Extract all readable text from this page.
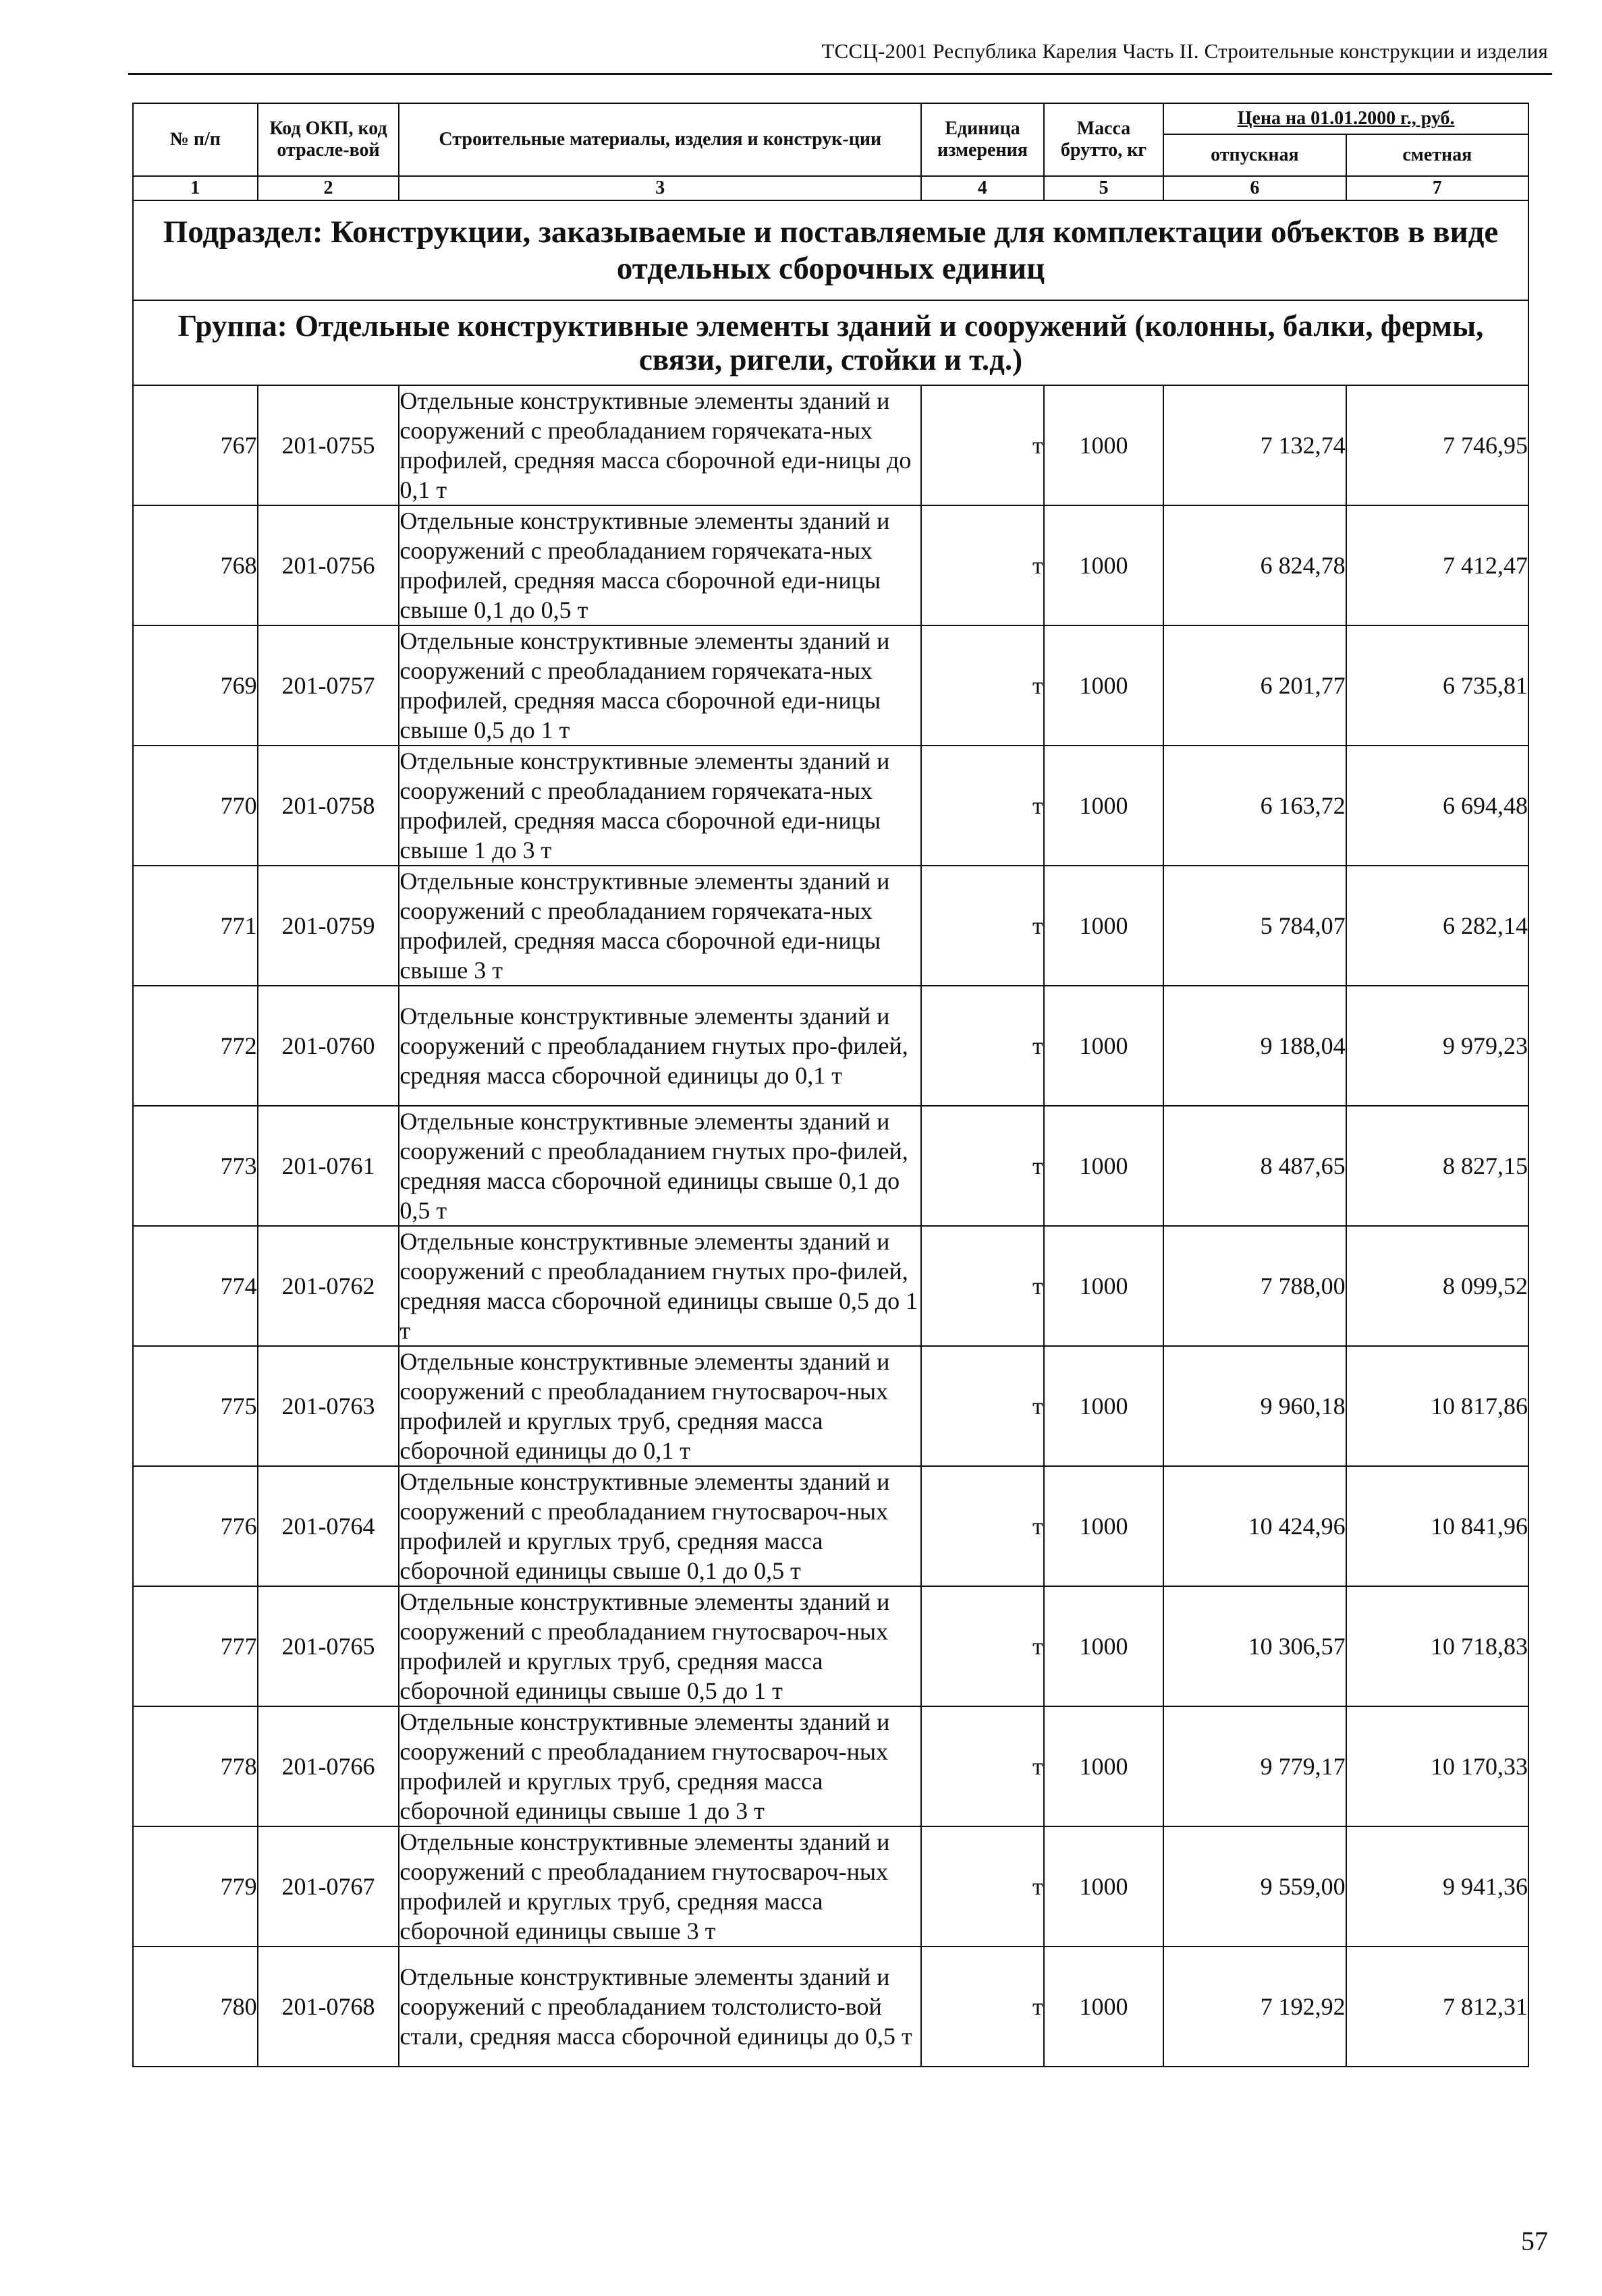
ТССЦ-2001 Республика Карелия Часть II. Строительные конструкции и изделия
№ п/п	Код ОКП, код отрасле-вой	Строительные материалы, изделия и конструк-ции	Единица измерения	Масса брутто, кг	Цена на 01.01.2000 г., руб.	
					отпускная	сметная
1	2	3	4	5	6	7
Подраздел: Конструкции, заказываемые и поставляемые для комплектации объектов в виде отдельных сборочных единиц						
Группа: Отдельные конструктивные элементы зданий и сооружений (колонны, балки, фермы, связи, ригели, стойки и т.д.)						
767	201-0755	Отдельные конструктивные элементы зданий и сооружений с преобладанием горячеката-ных профилей, средняя масса сборочной еди-ницы до 0,1 т	т	1000	7 132,74	7 746,95
768	201-0756	Отдельные конструктивные элементы зданий и сооружений с преобладанием горячеката-ных профилей, средняя масса сборочной еди-ницы свыше 0,1 до 0,5 т	т	1000	6 824,78	7 412,47
769	201-0757	Отдельные конструктивные элементы зданий и сооружений с преобладанием горячеката-ных профилей, средняя масса сборочной еди-ницы свыше 0,5 до 1 т	т	1000	6 201,77	6 735,81
770	201-0758	Отдельные конструктивные элементы зданий и сооружений с преобладанием горячеката-ных профилей, средняя масса сборочной еди-ницы свыше 1 до 3 т	т	1000	6 163,72	6 694,48
771	201-0759	Отдельные конструктивные элементы зданий и сооружений с преобладанием горячеката-ных профилей, средняя масса сборочной еди-ницы свыше 3 т	т	1000	5 784,07	6 282,14
772	201-0760	Отдельные конструктивные элементы зданий и сооружений с преобладанием гнутых про-филей, средняя масса сборочной единицы до 0,1 т	т	1000	9 188,04	9 979,23
773	201-0761	Отдельные конструктивные элементы зданий и сооружений с преобладанием гнутых про-филей, средняя масса сборочной единицы свыше 0,1 до 0,5 т	т	1000	8 487,65	8 827,15
774	201-0762	Отдельные конструктивные элементы зданий и сооружений с преобладанием гнутых про-филей, средняя масса сборочной единицы свыше 0,5 до 1 т	т	1000	7 788,00	8 099,52
775	201-0763	Отдельные конструктивные элементы зданий и сооружений с преобладанием гнутосвароч-ных профилей и круглых труб, средняя масса сборочной единицы до 0,1 т	т	1000	9 960,18	10 817,86
776	201-0764	Отдельные конструктивные элементы зданий и сооружений с преобладанием гнутосвароч-ных профилей и круглых труб, средняя масса сборочной единицы свыше 0,1 до 0,5 т	т	1000	10 424,96	10 841,96
777	201-0765	Отдельные конструктивные элементы зданий и сооружений с преобладанием гнутосвароч-ных профилей и круглых труб, средняя масса сборочной единицы свыше 0,5 до 1 т	т	1000	10 306,57	10 718,83
778	201-0766	Отдельные конструктивные элементы зданий и сооружений с преобладанием гнутосвароч-ных профилей и круглых труб, средняя масса сборочной единицы свыше 1 до 3 т	т	1000	9 779,17	10 170,33
779	201-0767	Отдельные конструктивные элементы зданий и сооружений с преобладанием гнутосвароч-ных профилей и круглых труб, средняя масса сборочной единицы свыше 3 т	т	1000	9 559,00	9 941,36
780	201-0768	Отдельные конструктивные элементы зданий и сооружений с преобладанием толстолисто-вой стали, средняя масса сборочной единицы до 0,5 т	т	1000	7 192,92	7 812,31
57
